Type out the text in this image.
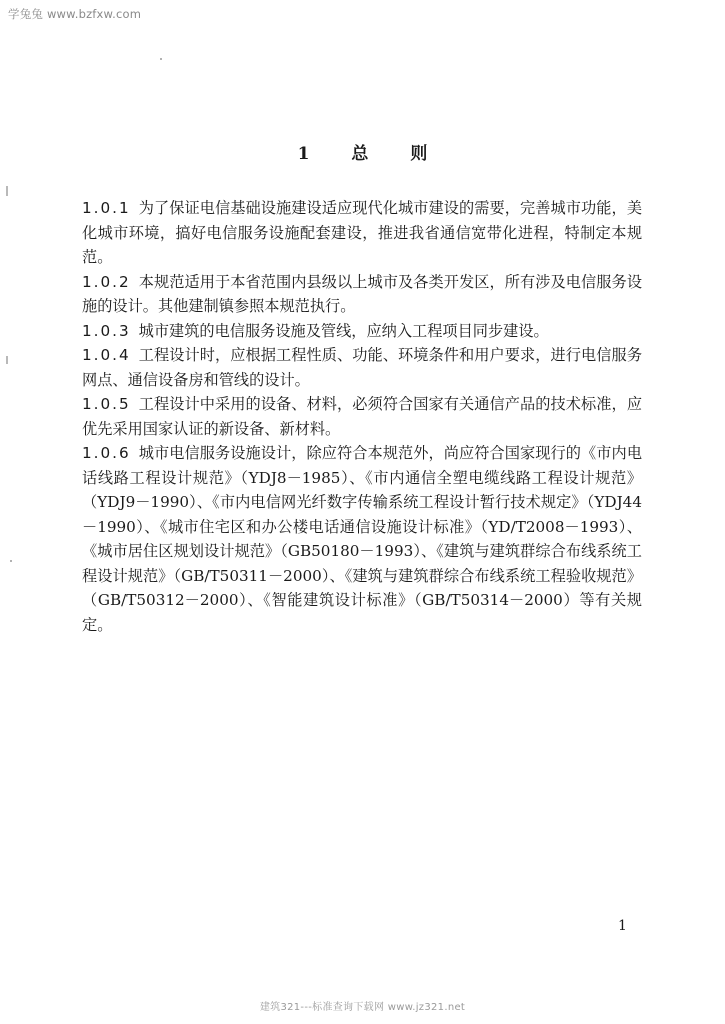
学兔兔 www.bzfxw.com
1 总 则

1.0.1 为了保证电信基础设施建设适应现代化城市建设的需要，完善城市功能，美化城市环境，搞好电信服务设施配套建设，推进我省通信宽带化进程，特制定本规范。

1.0.2 本规范适用于本省范围内县级以上城市及各类开发区，所有涉及电信服务设施的设计。其他建制镇参照本规范执行。

1.0.3 城市建筑的电信服务设施及管线，应纳入工程项目同步建设。

1.0.4 工程设计时，应根据工程性质、功能、环境条件和用户要求，进行电信服务网点、通信设备房和管线的设计。

1.0.5 工程设计中采用的设备、材料，必须符合国家有关通信产品的技术标准，应优先采用国家认证的新设备、新材料。

1.0.6 城市电信服务设施设计，除应符合本规范外，尚应符合国家现行的《市内电话线路工程设计规范》（YDJ8－1985）、《市内通信全塑电缆线路工程设计规范》（YDJ9－1990）、《市内电信网光纤数字传输系统工程设计暂行技术规定》（YDJ44－1990）、《城市住宅区和办公楼电话通信设施设计标准》（YD/T2008－1993）、《城市居住区规划设计规范》（GB50180－1993）、《建筑与建筑群综合布线系统工程设计规范》（GB/T50311－2000）、《建筑与建筑群综合布线系统工程验收规范》（GB/T50312－2000）、《智能建筑设计标准》（GB/T50314－2000）等有关规定。

1
建筑321---标准查询下载网 www.jz321.net
